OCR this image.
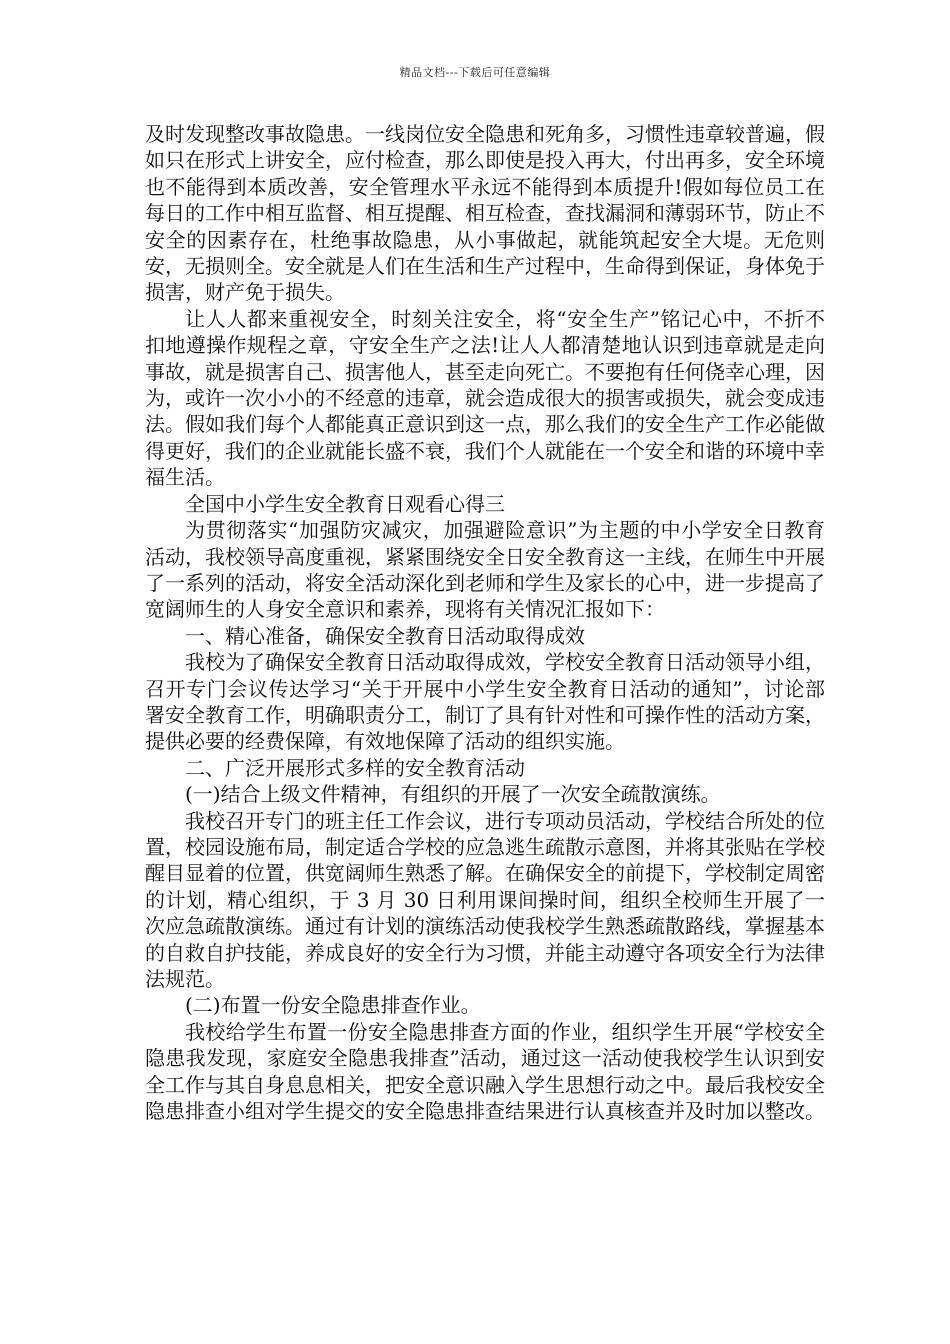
精品文档---下载后可任意编辑

及时发现整改事故隐患。一线岗位安全隐患和死角多，习惯性违章较普遍，假如只在形式上讲安全，应付检查，那么即使是投入再大，付出再多，安全环境也不能得到本质改善，安全管理水平永远不能得到本质提升!假如每位员工在每日的工作中相互监督、相互提醒、相互检查，查找漏洞和薄弱环节，防止不安全的因素存在，杜绝事故隐患，从小事做起，就能筑起安全大堤。无危则安，无损则全。安全就是人们在生活和生产过程中，生命得到保证，身体免于损害，财产免于损失。

让人人都来重视安全，时刻关注安全，将“安全生产”铭记心中，不折不扣地遵操作规程之章，守安全生产之法!让人人都清楚地认识到违章就是走向事故，就是损害自己、损害他人，甚至走向死亡。不要抱有任何侥幸心理，因为，或许一次小小的不经意的违章，就会造成很大的损害或损失，就会变成违法。假如我们每个人都能真正意识到这一点，那么我们的安全生产工作必能做得更好，我们的企业就能长盛不衰，我们个人就能在一个安全和谐的环境中幸福生活。

全国中小学生安全教育日观看心得三

为贯彻落实“加强防灾减灾，加强避险意识”为主题的中小学安全日教育活动，我校领导高度重视，紧紧围绕安全日安全教育这一主线，在师生中开展了一系列的活动，将安全活动深化到老师和学生及家长的心中，进一步提高了宽阔师生的人身安全意识和素养，现将有关情况汇报如下：

一、精心准备，确保安全教育日活动取得成效

我校为了确保安全教育日活动取得成效，学校安全教育日活动领导小组，召开专门会议传达学习“关于开展中小学生安全教育日活动的通知”，讨论部署安全教育工作，明确职责分工，制订了具有针对性和可操作性的活动方案，提供必要的经费保障，有效地保障了活动的组织实施。

二、广泛开展形式多样的安全教育活动

(一)结合上级文件精神，有组织的开展了一次安全疏散演练。

我校召开专门的班主任工作会议，进行专项动员活动，学校结合所处的位置，校园设施布局，制定适合学校的应急逃生疏散示意图，并将其张贴在学校醒目显着的位置，供宽阔师生熟悉了解。在确保安全的前提下，学校制定周密的计划，精心组织，于 3 月 30 日利用课间操时间，组织全校师生开展了一次应急疏散演练。通过有计划的演练活动使我校学生熟悉疏散路线，掌握基本的自救自护技能，养成良好的安全行为习惯，并能主动遵守各项安全行为法律法规范。

(二)布置一份安全隐患排查作业。

我校给学生布置一份安全隐患排查方面的作业，组织学生开展“学校安全隐患我发现，家庭安全隐患我排查”活动，通过这一活动使我校学生认识到安全工作与其自身息息相关，把安全意识融入学生思想行动之中。最后我校安全隐患排查小组对学生提交的安全隐患排查结果进行认真核查并及时加以整改。
